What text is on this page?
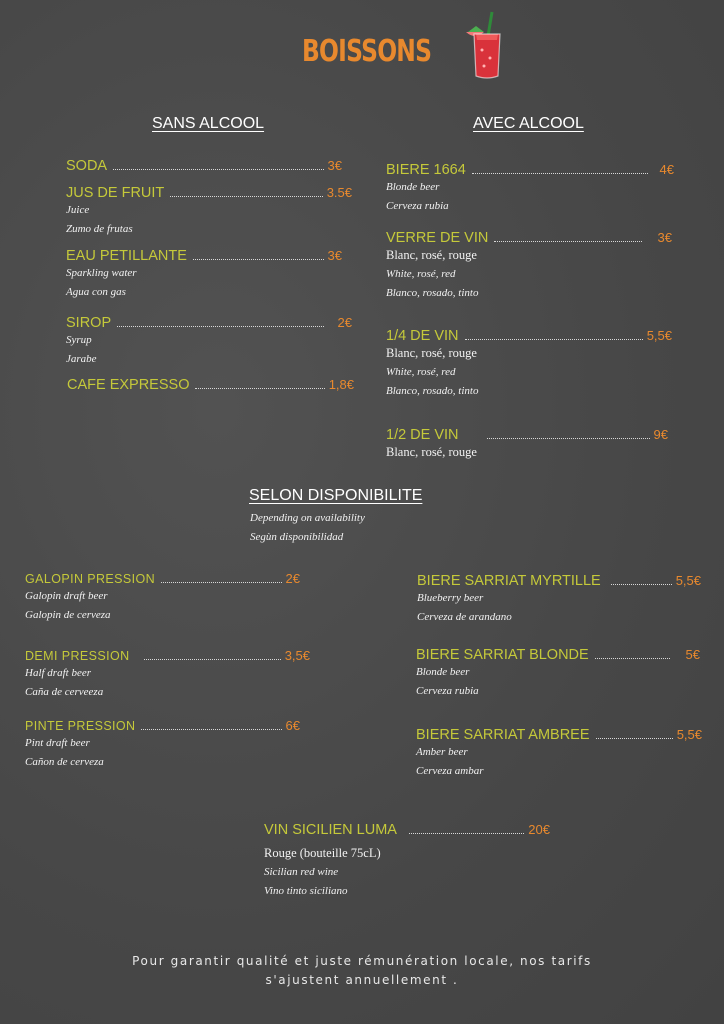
BOISSONS
SANS ALCOOL
SODA	3€
JUS DE FRUIT	3.5€
Juice
Zumo de frutas
EAU PETILLANTE	3€
Sparkling water
Agua con gas
SIROP	2€
Syrup
Jarabe
CAFE EXPRESSO	1,8€
AVEC ALCOOL
BIERE 1664	4€
Blonde beer
Cerveza rubia
VERRE DE VIN	3€
Blanc, rosé, rouge
White, rosé, red
Blanco, rosado, tinto
1/4 DE VIN	5,5€
Blanc, rosé, rouge
White, rosé, red
Blanco, rosado, tinto
1/2 DE VIN	9€
Blanc, rosé, rouge
SELON DISPONIBILITE
Depending on availability
Segùn disponibilidad
GALOPIN PRESSION	2€
Galopin draft beer
Galopin de cerveza
DEMI PRESSION	3,5€
Half draft beer
Caña de cerveeza
PINTE PRESSION	6€
Pint draft beer
Cañon de cerveza
BIERE SARRIAT MYRTILLE	5,5€
Blueberry beer
Cerveza de arandano
BIERE SARRIAT BLONDE	5€
Blonde beer
Cerveza rubia
BIERE SARRIAT AMBREE	5,5€
Amber beer
Cerveza ambar
VIN SICILIEN LUMA	20€
Rouge (bouteille 75cL)
Sicilian red wine
Vino tinto siciliano
Pour garantir qualité et juste rémunération locale, nos tarifs
s'ajustent annuellement .
